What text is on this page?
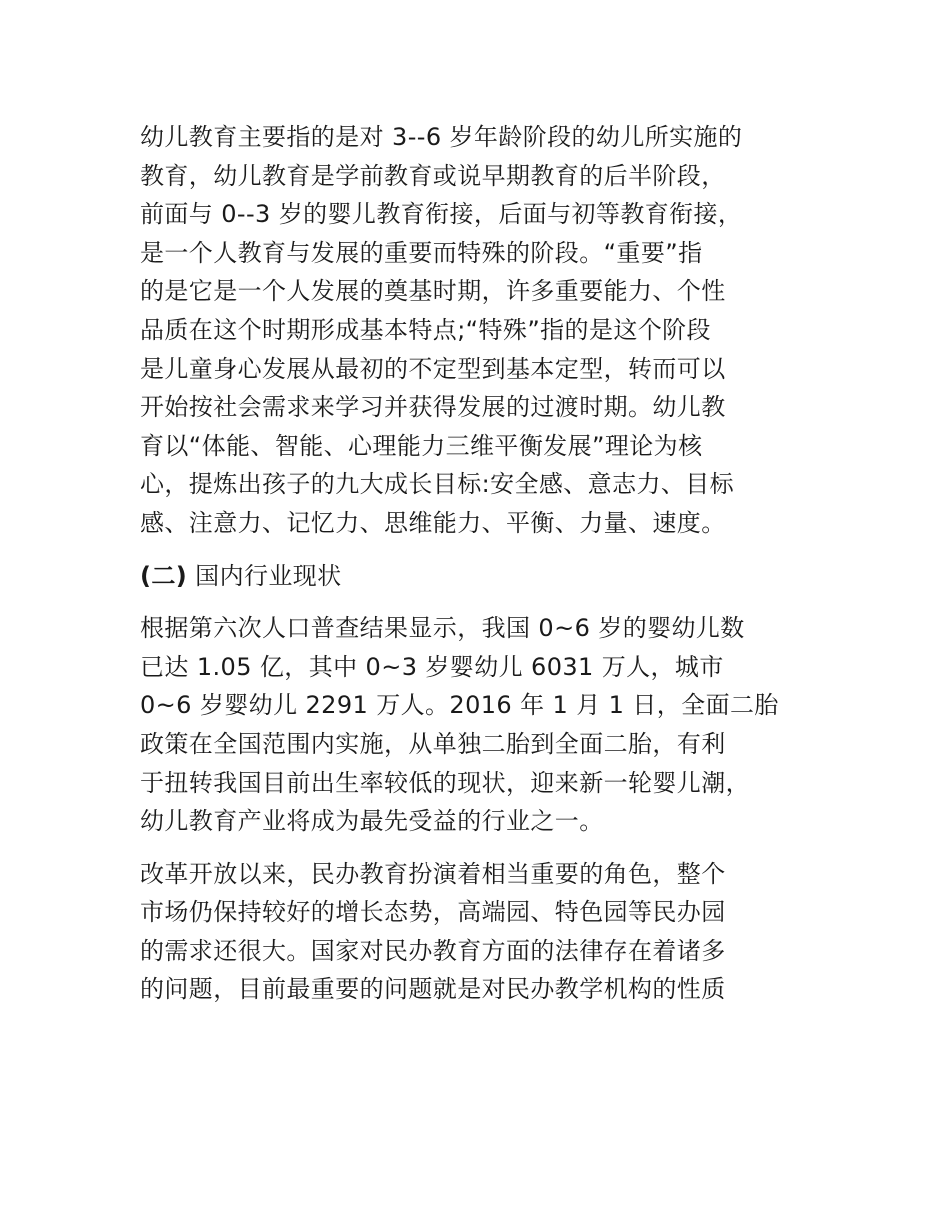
幼儿教育主要指的是对 3--6 岁年龄阶段的幼儿所实施的
教育，幼儿教育是学前教育或说早期教育的后半阶段，
前面与 0--3 岁的婴儿教育衔接，后面与初等教育衔接，
是一个人教育与发展的重要而特殊的阶段。“重要”指
的是它是一个人发展的奠基时期，许多重要能力、个性
品质在这个时期形成基本特点;“特殊”指的是这个阶段
是儿童身心发展从最初的不定型到基本定型，转而可以
开始按社会需求来学习并获得发展的过渡时期。幼儿教
育以“体能、智能、心理能力三维平衡发展”理论为核
心，提炼出孩子的九大成长目标:安全感、意志力、目标
感、注意力、记忆力、思维能力、平衡、力量、速度。
(二) 国内行业现状
根据第六次人口普查结果显示，我国 0~6 岁的婴幼儿数
已达 1.05 亿，其中 0~3 岁婴幼儿 6031 万人，城市
0~6 岁婴幼儿 2291 万人。2016 年 1 月 1 日，全面二胎
政策在全国范围内实施，从单独二胎到全面二胎，有利
于扭转我国目前出生率较低的现状，迎来新一轮婴儿潮，
幼儿教育产业将成为最先受益的行业之一。
改革开放以来，民办教育扮演着相当重要的角色，整个
市场仍保持较好的增长态势，高端园、特色园等民办园
的需求还很大。国家对民办教育方面的法律存在着诸多
的问题，目前最重要的问题就是对民办教学机构的性质
